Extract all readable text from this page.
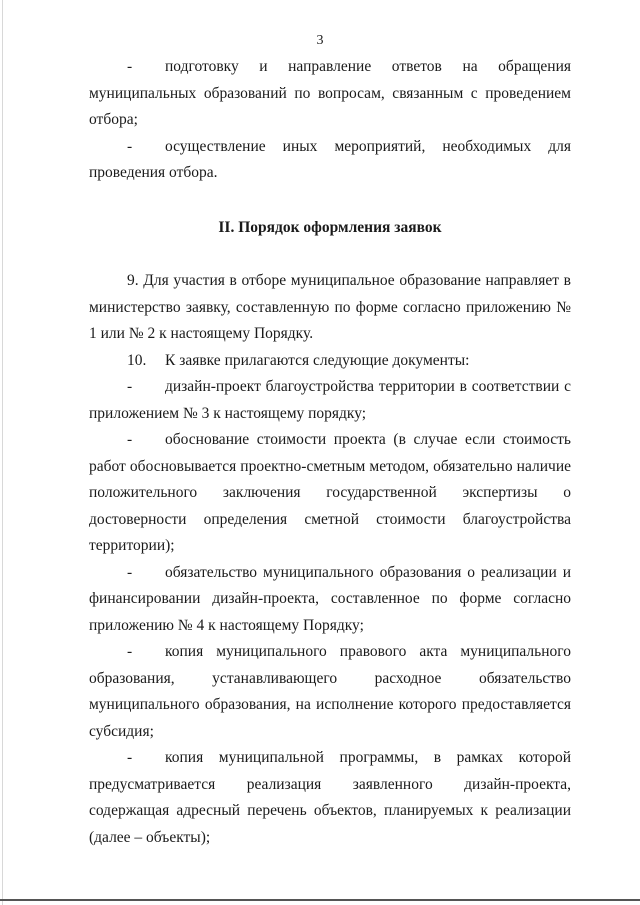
3

- подготовку и направление ответов на обращения муниципальных образований по вопросам, связанным с проведением отбора;

- осуществление иных мероприятий, необходимых для проведения отбора.

II. Порядок оформления заявок

9. Для участия в отборе муниципальное образование направляет в министерство заявку, составленную по форме согласно приложению № 1 или № 2 к настоящему Порядку.

10. К заявке прилагаются следующие документы:

- дизайн-проект благоустройства территории в соответствии с приложением № 3 к настоящему порядку;

- обоснование стоимости проекта (в случае если стоимость работ обосновывается проектно-сметным методом, обязательно наличие положительного заключения государственной экспертизы о достоверности определения сметной стоимости благоустройства территории);

- обязательство муниципального образования о реализации и финансировании дизайн-проекта, составленное по форме согласно приложению № 4 к настоящему Порядку;

- копия муниципального правового акта муниципального образования, устанавливающего расходное обязательство муниципального образования, на исполнение которого предоставляется субсидия;

- копия муниципальной программы, в рамках которой предусматривается реализация заявленного дизайн-проекта, содержащая адресный перечень объектов, планируемых к реализации (далее – объекты);
